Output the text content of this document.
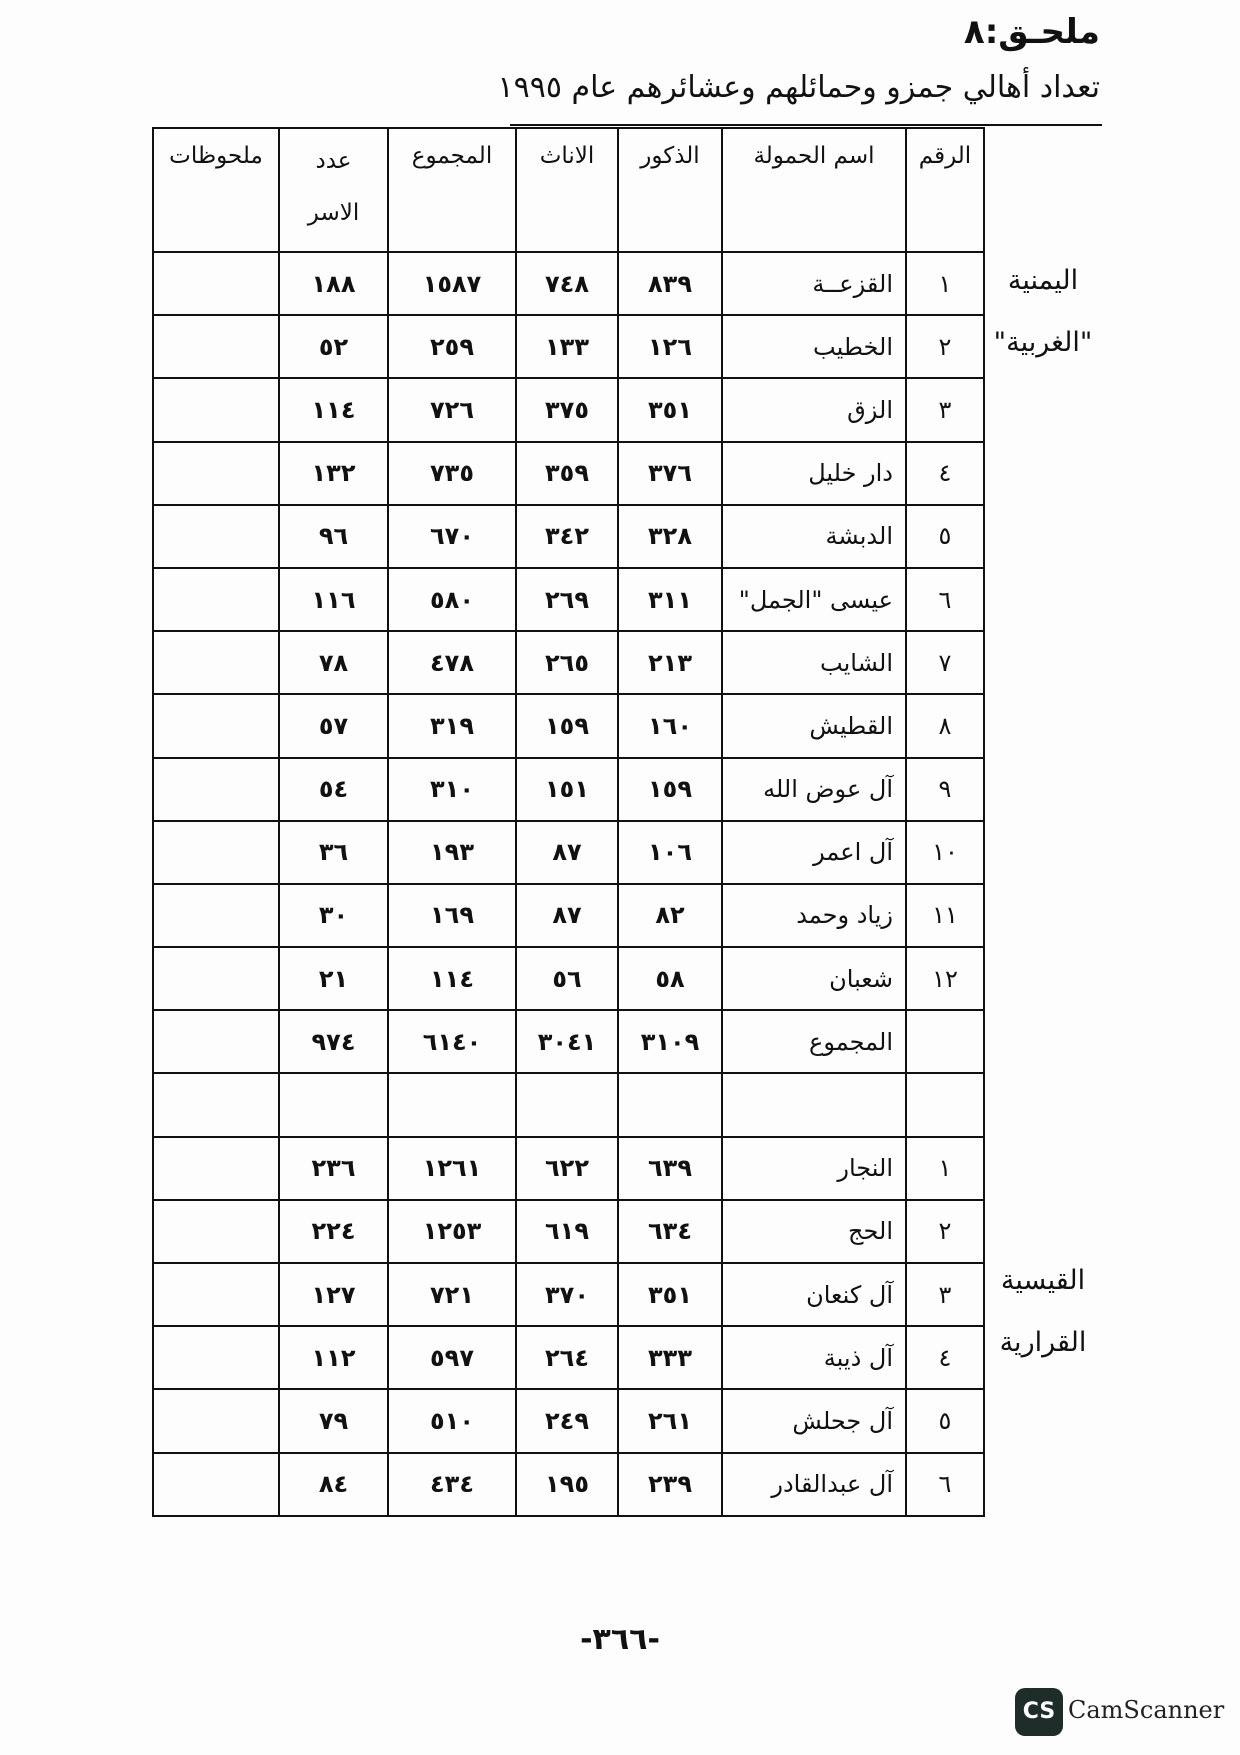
ملحـق:٨
تعداد أهالي جمزو وحمائلهم وعشائرهم عام ١٩٩٥
الرقم	اسم الحمولة	الذكور	الاناث	المجموع	عدد الاسر	ملحوظات
١	القزعــة	٨٣٩	٧٤٨	١٥٨٧	١٨٨	
٢	الخطيب	١٢٦	١٣٣	٢٥٩	٥٢	
٣	الزق	٣٥١	٣٧٥	٧٢٦	١١٤	
٤	دار خليل	٣٧٦	٣٥٩	٧٣٥	١٣٢	
٥	الدبشة	٣٢٨	٣٤٢	٦٧٠	٩٦	
٦	عيسى "الجمل"	٣١١	٢٦٩	٥٨٠	١١٦	
٧	الشايب	٢١٣	٢٦٥	٤٧٨	٧٨	
٨	القطيش	١٦٠	١٥٩	٣١٩	٥٧	
٩	آل عوض الله	١٥٩	١٥١	٣١٠	٥٤	
١٠	آل اعمر	١٠٦	٨٧	١٩٣	٣٦	
١١	زياد وحمد	٨٢	٨٧	١٦٩	٣٠	
١٢	شعبان	٥٨	٥٦	١١٤	٢١	
	المجموع	٣١٠٩	٣٠٤١	٦١٤٠	٩٧٤	

١	النجار	٦٣٩	٦٢٢	١٢٦١	٢٣٦	
٢	الحج	٦٣٤	٦١٩	١٢٥٣	٢٢٤	
٣	آل كنعان	٣٥١	٣٧٠	٧٢١	١٢٧	
٤	آل ذيبة	٣٣٣	٢٦٤	٥٩٧	١١٢	
٥	آل جحلش	٢٦١	٢٤٩	٥١٠	٧٩	
٦	آل عبدالقادر	٢٣٩	١٩٥	٤٣٤	٨٤	
اليمنية
"الغربية"
القيسية
القرارية
-٣٦٦-
CS CamScanner
